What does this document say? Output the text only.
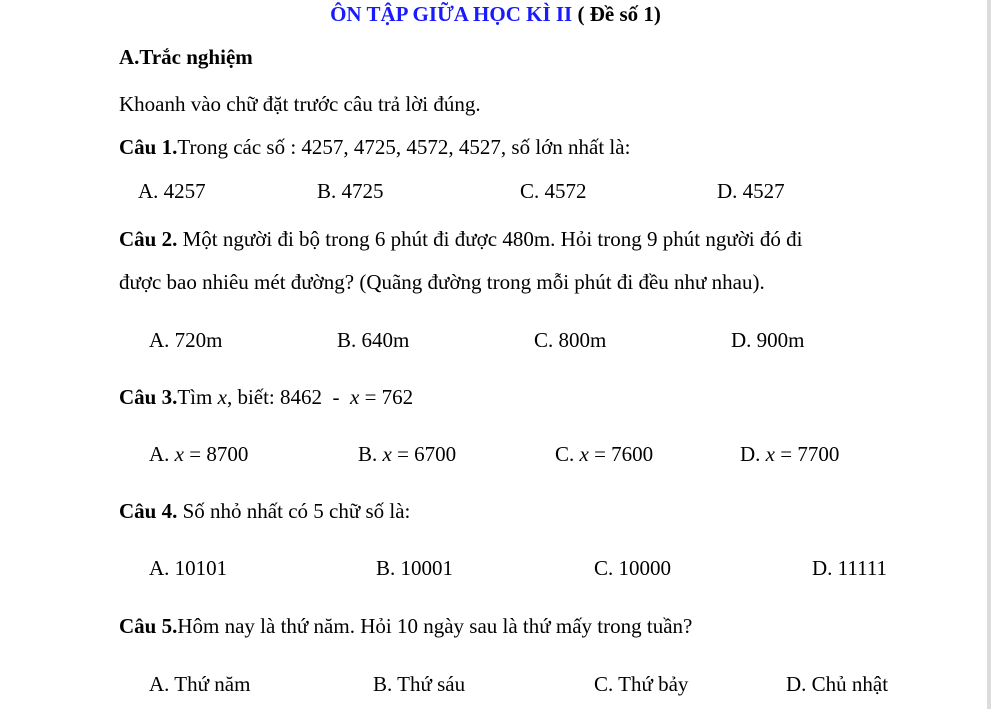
ÔN TẬP GIỮA HỌC KÌ II ( Đề số 1)
A.Trắc nghiệm
Khoanh vào chữ đặt trước câu trả lời đúng.
Câu 1.Trong các số : 4257, 4725, 4572, 4527, số lớn nhất là:
A. 4257	B. 4725	C. 4572	D. 4527
Câu 2. Một người đi bộ trong 6 phút đi được 480m. Hỏi trong 9 phút người đó đi
được bao nhiêu mét đường? (Quãng đường trong mỗi phút đi đều như nhau).
A. 720m	B. 640m	C. 800m	D. 900m
Câu 3.Tìm x, biết: 8462  -  x = 762
A. x = 8700	B. x = 6700	C. x = 7600	D. x = 7700
Câu 4. Số nhỏ nhất có 5 chữ số là:
A. 10101	B. 10001	C. 10000	D. 11111
Câu 5.Hôm nay là thứ năm. Hỏi 10 ngày sau là thứ mấy trong tuần?
A. Thứ năm	B. Thứ sáu	C. Thứ bảy	D. Chủ nhật
